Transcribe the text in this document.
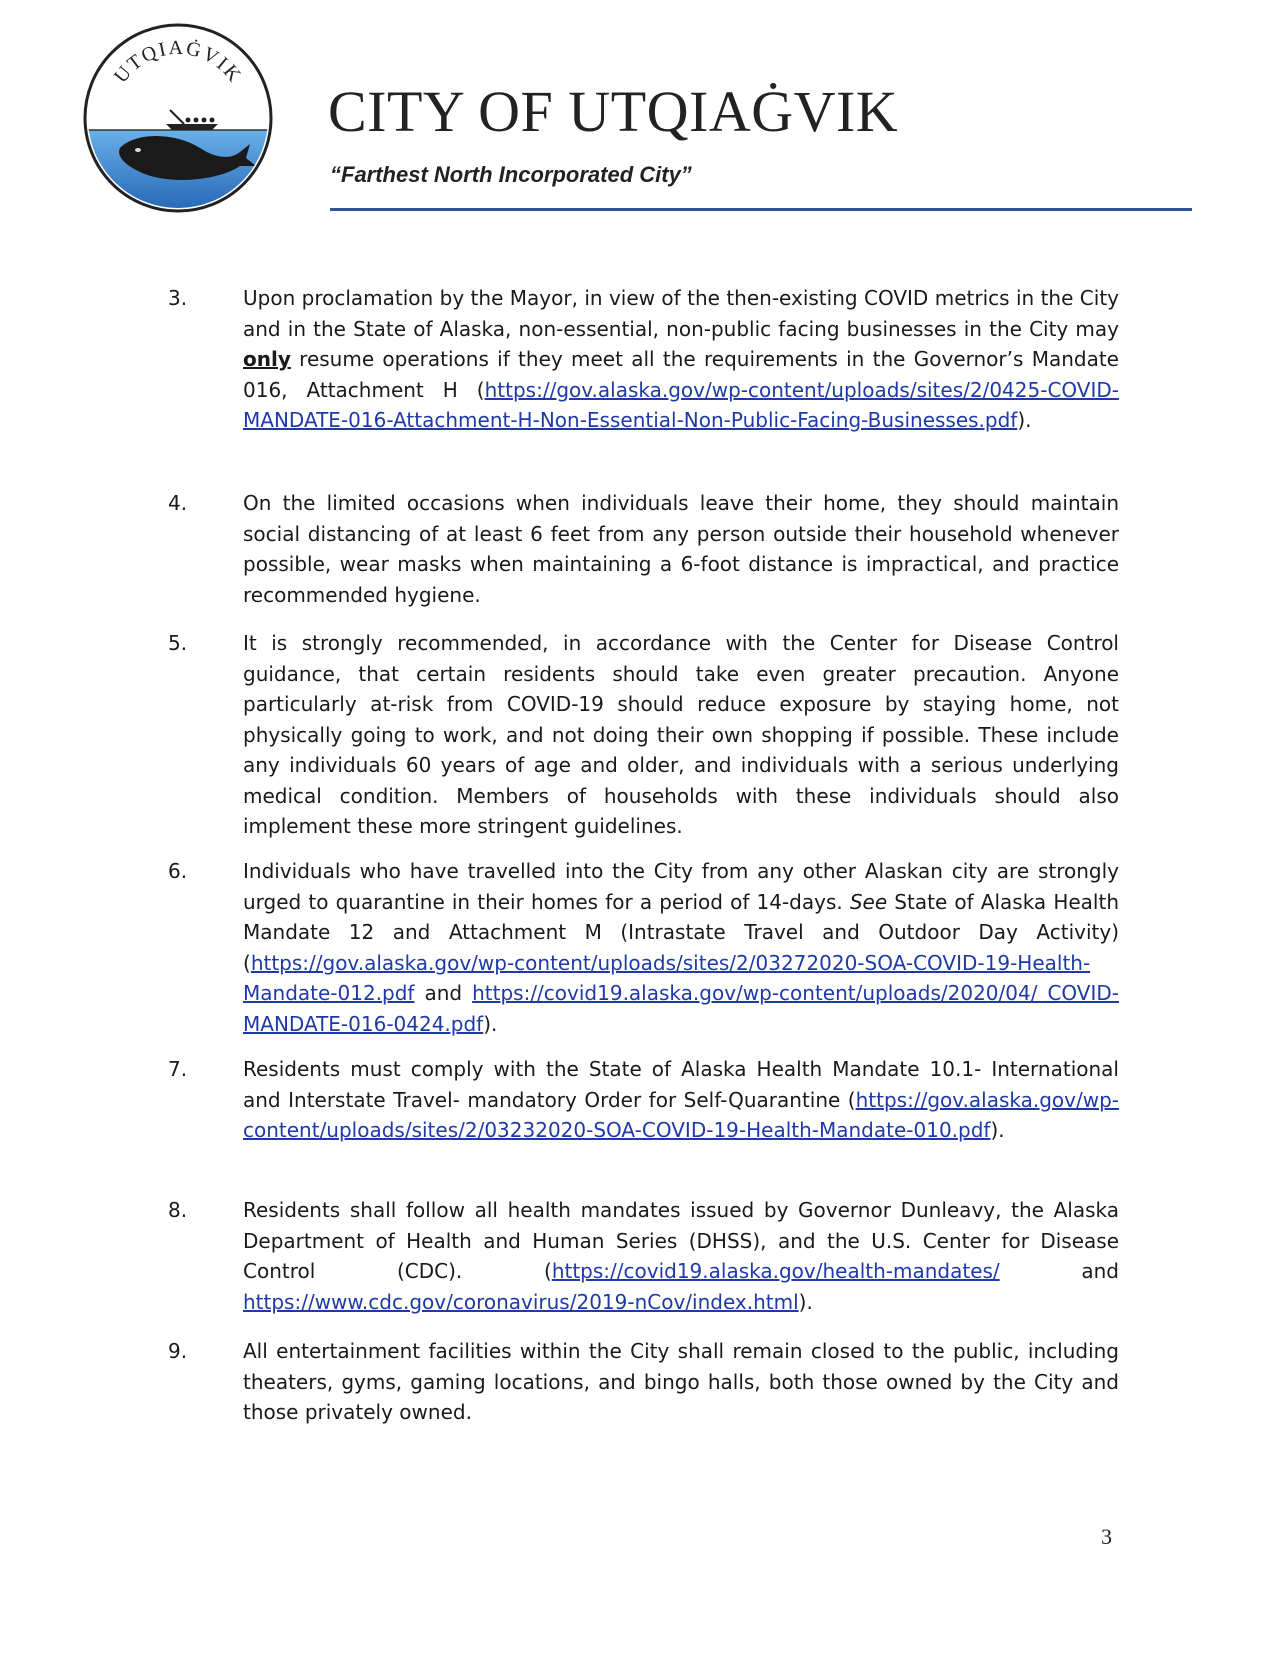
UTQIAĠVIK
CITY OF UTQIAĠVIK
“Farthest North Incorporated City”
3.	Upon proclamation by the Mayor, in view of the then-existing COVID metrics in the City and in the State of Alaska, non-essential, non-public facing businesses in the City may only resume operations if they meet all the requirements in the Governor’s Mandate 016, Attachment H (https://gov.alaska.gov/wp-content/uploads/sites/2/0425-COVID-MANDATE-016-Attachment-H-Non-Essential-Non-Public-Facing-Businesses.pdf).

4.	On the limited occasions when individuals leave their home, they should maintain social distancing of at least 6 feet from any person outside their household whenever possible, wear masks when maintaining a 6-foot distance is impractical, and practice recommended hygiene.

5.	It is strongly recommended, in accordance with the Center for Disease Control guidance, that certain residents should take even greater precaution. Anyone particularly at-risk from COVID-19 should reduce exposure by staying home, not physically going to work, and not doing their own shopping if possible. These include any individuals 60 years of age and older, and individuals with a serious underlying medical condition. Members of households with these individuals should also implement these more stringent guidelines.

6.	Individuals who have travelled into the City from any other Alaskan city are strongly urged to quarantine in their homes for a period of 14-days. See State of Alaska Health Mandate 12 and Attachment M (Intrastate Travel and Outdoor Day Activity) (https://gov.alaska.gov/wp-content/uploads/sites/2/03272020-SOA-COVID-19-Health-Mandate-012.pdf and https://covid19.alaska.gov/wp-content/uploads/2020/04/ COVID-MANDATE-016-0424.pdf).

7.	Residents must comply with the State of Alaska Health Mandate 10.1- International and Interstate Travel- mandatory Order for Self-Quarantine (https://gov.alaska.gov/wp-content/uploads/sites/2/03232020-SOA-COVID-19-Health-Mandate-010.pdf).

8.	Residents shall follow all health mandates issued by Governor Dunleavy, the Alaska Department of Health and Human Series (DHSS), and the U.S. Center for Disease Control (CDC). (https://covid19.alaska.gov/health-mandates/ and https://www.cdc.gov/coronavirus/2019-nCov/index.html).

9.	All entertainment facilities within the City shall remain closed to the public, including theaters, gyms, gaming locations, and bingo halls, both those owned by the City and those privately owned.

3
